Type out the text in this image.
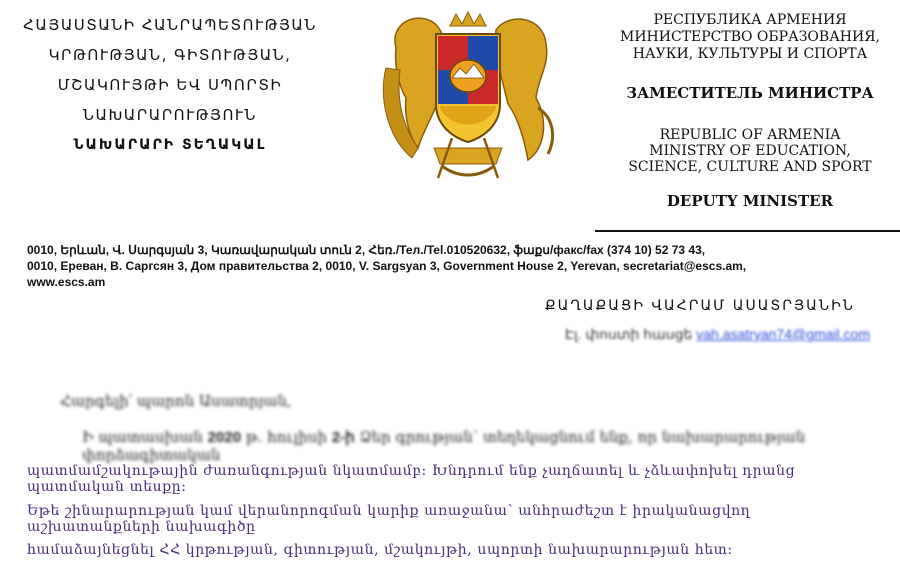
ՀԱՅԱՍՏԱՆԻ ՀԱՆՐԱՊԵՏՈՒԹՅԱՆ
ԿՐԹՈՒԹՅԱՆ, ԳԻՏՈՒԹՅԱՆ,
ՄՇԱԿՈՒՅԹԻ ԵՎ ՍՊՈՐՏԻ
ՆԱԽԱՐԱՐՈՒԹՅՈՒՆ
ՆԱԽԱՐԱՐԻ ՏԵՂԱԿԱԼ
РЕСПУБЛИКА АРМЕНИЯ
МИНИСТЕРСТВО ОБРАЗОВАНИЯ,
НАУКИ, КУЛЬТУРЫ И СПОРТА
ЗАМЕСТИТЕЛЬ МИНИСТРА
REPUBLIC OF ARMENIA
MINISTRY OF EDUCATION,
SCIENCE, CULTURE AND SPORT
DEPUTY MINISTER
0010, Երևան, Վ. Սարգսյան 3, Կառավարական տուն 2, Հեռ./Тел./Tel.010520632, ֆաքս/факс/fax (374 10) 52 73 43,
0010, Ереван, В. Саргсян 3, Дом правительства 2, 0010, V. Sargsyan 3, Government House 2, Yerevan, secretariat@escs.am,
www.escs.am
ՔԱՂԱՔԱՑԻ ՎԱՀՐԱՄ ԱՍԱՏՐՅԱՆԻՆ
Էլ. փոստի հասցե vah.asatryan74@gmail.com
Հարգելի՛ պարոն Ասատրյան,
Ի պատասխան 2020 թ. հուլիսի 2-ի Ձեր գրության՝ տեղեկացնում ենք, որ նախարարության փորձագիտական
պատմամշակութային ժառանգության նկատմամբ: Խնդրում ենք չաղճատել և չձևափոխել դրանց պատմական տեսքը:
Եթե շինարարության կամ վերանորոգման կարիք առաջանա՝ անհրաժեշտ է իրականացվող աշխատանքների նախագիծը
համաձայնեցնել ՀՀ կրթության, գիտության, մշակույթի, սպորտի նախարարության հետ:
